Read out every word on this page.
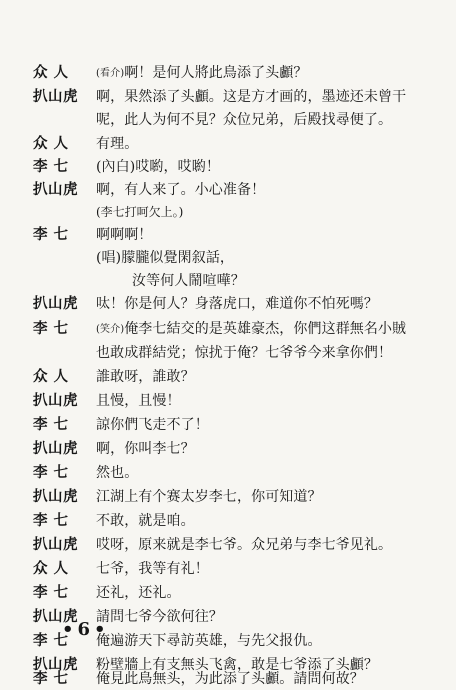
众 人	(看介)啊！是何人將此鳥添了头顱？
扒山虎	啊，果然添了头顱。这是方才画的，墨迹还未曾干
呢，此人为何不見？众位兄弟，后殿找尋便了。
众 人	有理。
李 七	(內白)哎喲，哎喲！
扒山虎	啊，有人来了。小心准备！
(李七打呵欠上。)
李 七	啊啊啊！
(唱)朦朧似覺閑叙話，
汝等何人鬧喧嘩？
扒山虎	呔！你是何人？身落虎口，难道你不怕死嗎？
李 七	(笑介)俺李七結交的是英雄豪杰，你們这群無名小賊
也敢成群結党；惊扰于俺？七爷爷今来拿你們！
众 人	誰敢呀，誰敢？
扒山虎	且慢，且慢！
李 七	諒你們飞走不了！
扒山虎	啊，你叫李七？
李 七	然也。
扒山虎	江湖上有个赛太岁李七，你可知道？
李 七	不敢，就是咱。
扒山虎	哎呀，原来就是李七爷。众兄弟与李七爷见礼。
众 人	七爷，我等有礼！
李 七	还礼，还礼。
扒山虎	請問七爷今欲何往？
李 七	俺遍游天下尋訪英雄，与先父报仇。
扒山虎	粉壁牆上有支無头飞禽，敢是七爷添了头顱？
李 七	俺見此鳥無头，为此添了头顱。請問何故？
•6•
